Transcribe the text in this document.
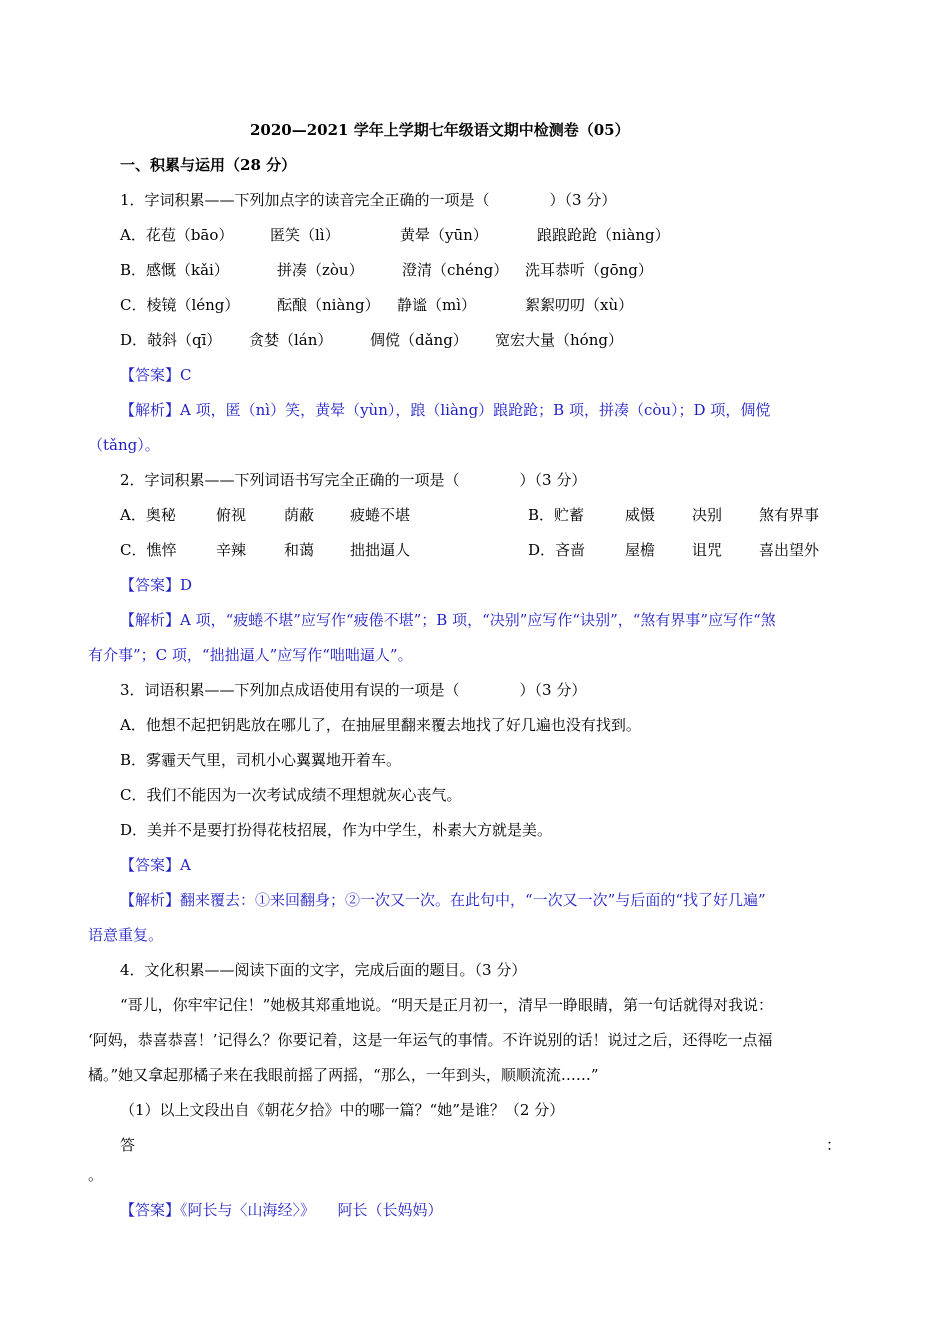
2020—2021 学年上学期七年级语文期中检测卷（05）
一、积累与运用（28 分）
1．字词积累——下列加点字的读音完全正确的一项是（　　　　）（3 分）
A．花苞（bāo） 匿笑（lì）	黄晕（yūn）	踉踉跄跄（niàng）
B．感慨（kǎi）	拼凑（zòu）	澄清（chéng） 洗耳恭听（gōng）
C．棱镜（léng）	酝酿（niàng） 静谧（mì）	絮絮叨叨（xù）
D．攲斜（qī） 贪婪（lán）	倜傥（dǎng） 宽宏大量（hóng）
【答案】C
【解析】A 项，匿（nì）笑，黄晕（yùn），踉（liàng）踉跄跄；B 项，拼凑（còu）；D 项，倜傥
（tǎng）。
2．字词积累——下列词语书写完全正确的一项是（　　　　）（3 分）
A．奥秘	俯视	荫蔽 疲蜷不堪	B．贮蓄	威慑 决别 煞有界事
C．憔悴	辛辣	和蔼 拙拙逼人	D．吝啬	屋檐 诅咒 喜出望外
【答案】D
【解析】A 项，“疲蜷不堪”应写作“疲倦不堪”；B 项，“决别”应写作“诀别”，“煞有界事”应写作“煞
有介事”；C 项，“拙拙逼人”应写作“咄咄逼人”。
3．词语积累——下列加点成语使用有误的一项是（　　　　）（3 分）
A．他想不起把钥匙放在哪儿了，在抽屉里翻来覆去地找了好几遍也没有找到。
B．雾霾天气里，司机小心翼翼地开着车。
C．我们不能因为一次考试成绩不理想就灰心丧气。
D．美并不是要打扮得花枝招展，作为中学生，朴素大方就是美。
【答案】A
【解析】翻来覆去：①来回翻身；②一次又一次。在此句中，“一次又一次”与后面的“找了好几遍”
语意重复。
4．文化积累——阅读下面的文字，完成后面的题目。（3 分）
“哥儿，你牢牢记住！”她极其郑重地说。“明天是正月初一，清早一睁眼睛，第一句话就得对我说：
‘阿妈，恭喜恭喜！’记得么？你要记着，这是一年运气的事情。不许说别的话！说过之后，还得吃一点福
橘。”她又拿起那橘子来在我眼前摇了两摇，“那么，一年到头，顺顺流流……”
（1）以上文段出自《朝花夕拾》中的哪一篇？“她”是谁？（2 分）
答	：
。
【答案】《阿长与〈山海经〉》　　阿长（长妈妈）
